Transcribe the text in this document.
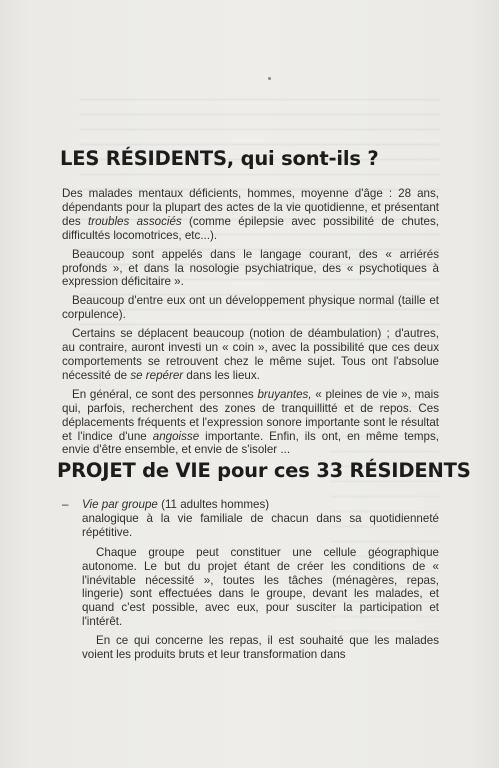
LES RÉSIDENTS, qui sont-ils ?

Des malades mentaux déficients, hommes, moyenne d'âge : 28 ans, dépendants pour la plupart des actes de la vie quotidienne, et présentant des troubles associés (comme épilepsie avec possibilité de chutes, difficultés locomotrices, etc...).

Beaucoup sont appelés dans le langage courant, des « arriérés profonds », et dans la nosologie psychiatrique, des « psychotiques à expression déficitaire ».

Beaucoup d'entre eux ont un développement physique normal (taille et corpulence).

Certains se déplacent beaucoup (notion de déambulation) ; d'autres, au contraire, auront investi un « coin », avec la possibilité que ces deux comportements se retrouvent chez le même sujet. Tous ont l'absolue nécessité de se repérer dans les lieux.

En général, ce sont des personnes bruyantes, « pleines de vie », mais qui, parfois, recherchent des zones de tranquillitté et de repos. Ces déplacements fréquents et l'expression sonore importante sont le résultat et l'indice d'une angoisse importante. Enfin, ils ont, en même temps, envie d'être ensemble, et envie de s'isoler ...

PROJET de VIE pour ces 33 RÉSIDENTS
– Vie par groupe (11 adultes hommes)
analogique à la vie familiale de chacun dans sa quotidienneté répétitive.

Chaque groupe peut constituer une cellule géographique autonome. Le but du projet étant de créer les conditions de « l'inévitable nécessité », toutes les tâches (ménagères, repas, lingerie) sont effectuées dans le groupe, devant les malades, et quand c'est possible, avec eux, pour susciter la participation et l'intérêt.

En ce qui concerne les repas, il est souhaité que les malades voient les produits bruts et leur transformation dans
